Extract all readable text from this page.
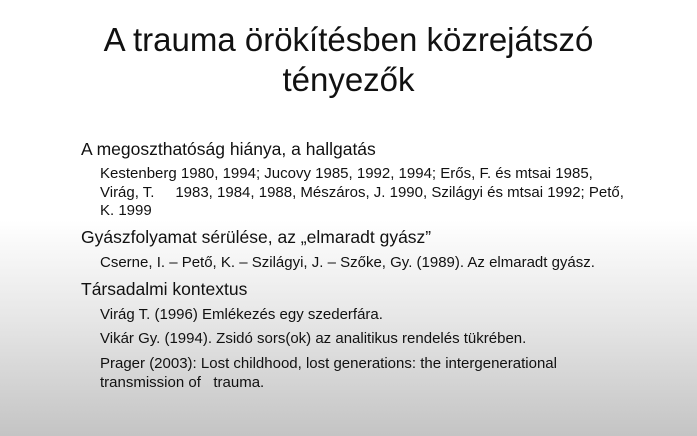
A trauma örökítésben közrejátszó
tényezők
A megoszthatóság hiánya, a hallgatás
Kestenberg 1980, 1994; Jucovy 1985, 1992, 1994; Erős, F. és mtsai 1985,
Virág, T.     1983, 1984, 1988, Mészáros, J. 1990, Szilágyi és mtsai 1992; Pető,
K. 1999
Gyászfolyamat sérülése, az „elmaradt gyász”
Cserne, I. – Pető, K. – Szilágyi, J. – Szőke, Gy. (1989). Az elmaradt gyász.
Társadalmi kontextus
Virág T. (1996) Emlékezés egy szederfára.
Vikár Gy. (1994). Zsidó sors(ok) az analitikus rendelés tükrében.
Prager (2003): Lost childhood, lost generations: the intergenerational
transmission of   trauma.
